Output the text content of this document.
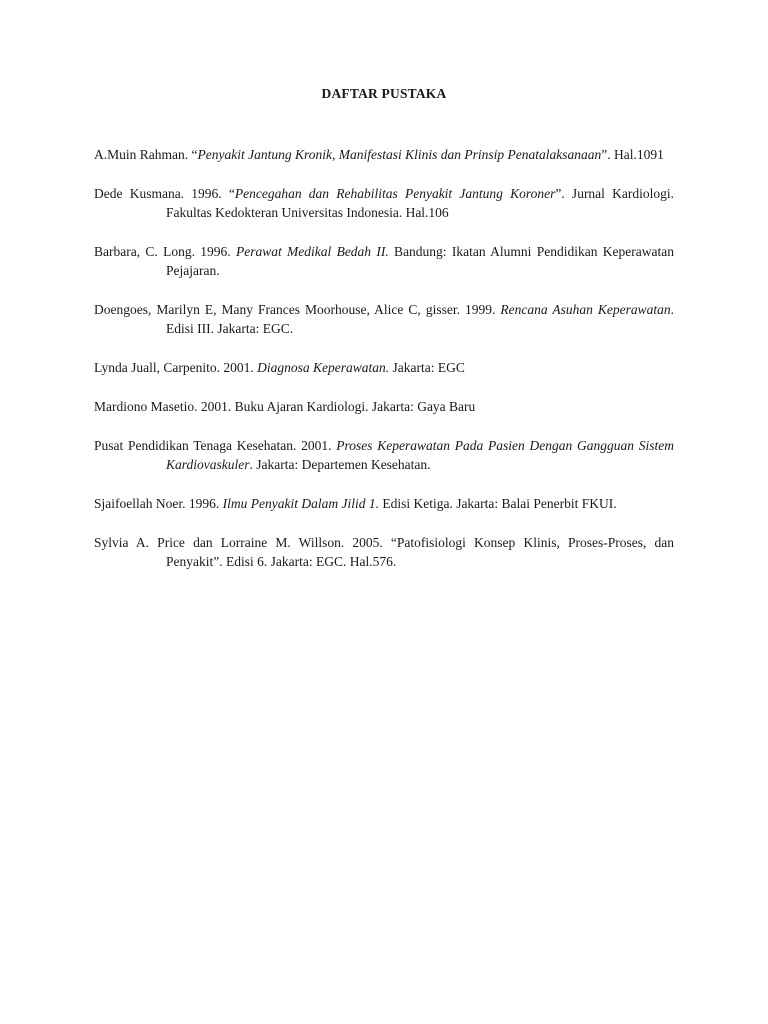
DAFTAR PUSTAKA

A.Muin Rahman. “Penyakit Jantung Kronik, Manifestasi Klinis dan Prinsip Penatalaksanaan”. Hal.1091

Dede Kusmana. 1996. “Pencegahan dan Rehabilitas Penyakit Jantung Koroner”. Jurnal Kardiologi. Fakultas Kedokteran Universitas Indonesia. Hal.106

Barbara, C. Long. 1996. Perawat Medikal Bedah II. Bandung: Ikatan Alumni Pendidikan Keperawatan Pejajaran.

Doengoes, Marilyn E, Many Frances Moorhouse, Alice C, gisser. 1999. Rencana Asuhan Keperawatan. Edisi III. Jakarta: EGC.

Lynda Juall, Carpenito. 2001. Diagnosa Keperawatan. Jakarta: EGC

Mardiono Masetio. 2001. Buku Ajaran Kardiologi. Jakarta: Gaya Baru

Pusat Pendidikan Tenaga Kesehatan. 2001. Proses Keperawatan Pada Pasien Dengan Gangguan Sistem Kardiovaskuler. Jakarta: Departemen Kesehatan.

Sjaifoellah Noer. 1996. Ilmu Penyakit Dalam Jilid 1. Edisi Ketiga. Jakarta: Balai Penerbit FKUI.

Sylvia A. Price dan Lorraine M. Willson. 2005. “Patofisiologi Konsep Klinis, Proses-Proses, dan Penyakit”. Edisi 6. Jakarta: EGC. Hal.576.
